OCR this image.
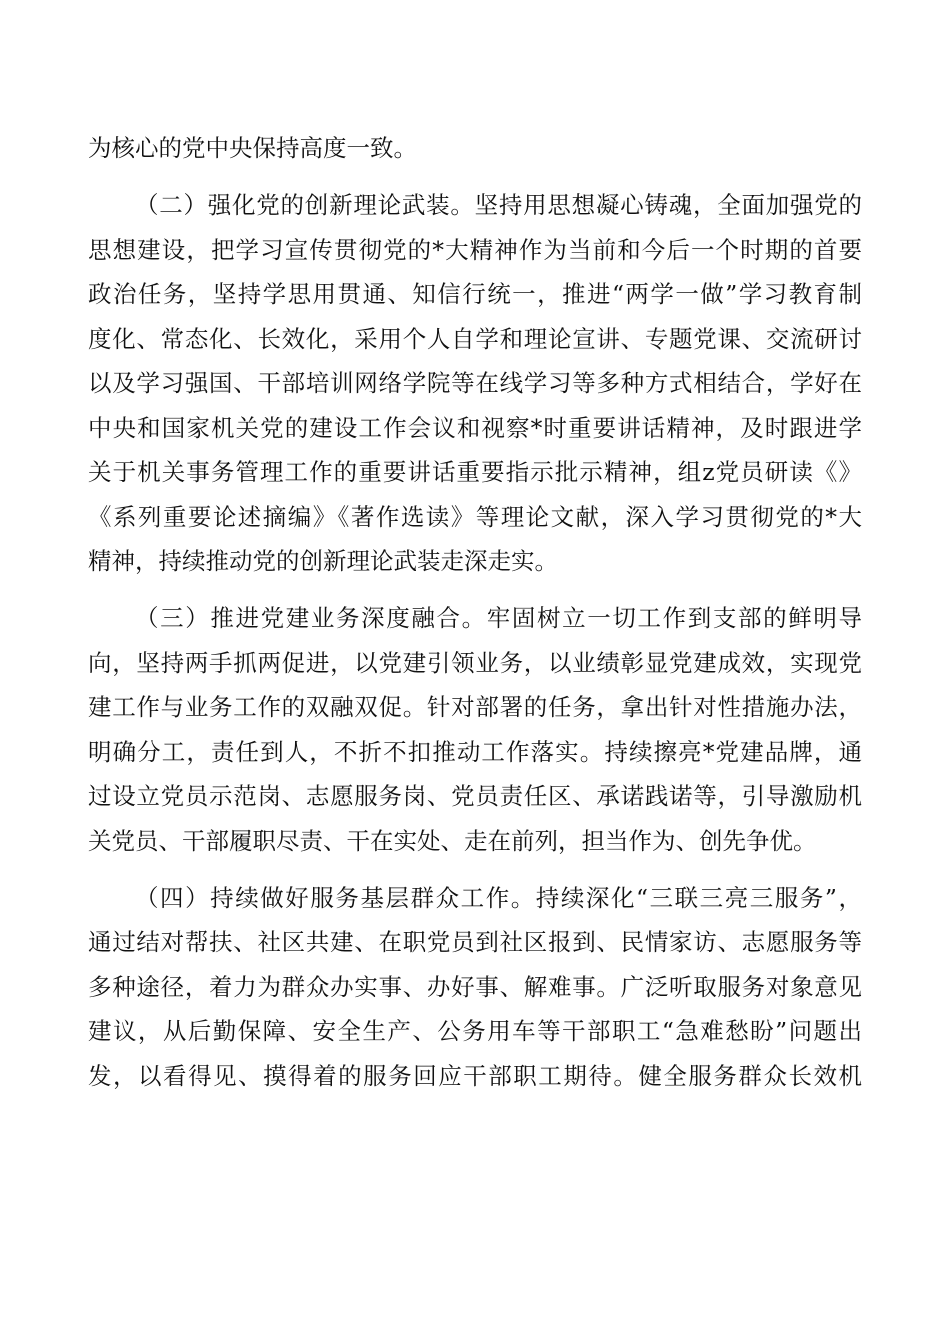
为核心的党中央保持高度一致。
（二）强化党的创新理论武装。坚持用思想凝心铸魂，全面加强党的
思想建设，把学习宣传贯彻党的*大精神作为当前和今后一个时期的首要
政治任务，坚持学思用贯通、知信行统一，推进“两学一做”学习教育制
度化、常态化、长效化，采用个人自学和理论宣讲、专题党课、交流研讨
以及学习强国、干部培训网络学院等在线学习等多种方式相结合，学好在
中央和国家机关党的建设工作会议和视察*时重要讲话精神，及时跟进学
关于机关事务管理工作的重要讲话重要指示批示精神，组z党员研读《》
《系列重要论述摘编》《著作选读》等理论文献，深入学习贯彻党的*大
精神，持续推动党的创新理论武装走深走实。
（三）推进党建业务深度融合。牢固树立一切工作到支部的鲜明导
向，坚持两手抓两促进，以党建引领业务，以业绩彰显党建成效，实现党
建工作与业务工作的双融双促。针对部署的任务，拿出针对性措施办法，
明确分工，责任到人，不折不扣推动工作落实。持续擦亮*党建品牌，通
过设立党员示范岗、志愿服务岗、党员责任区、承诺践诺等，引导激励机
关党员、干部履职尽责、干在实处、走在前列，担当作为、创先争优。
（四）持续做好服务基层群众工作。持续深化“三联三亮三服务”，
通过结对帮扶、社区共建、在职党员到社区报到、民情家访、志愿服务等
多种途径，着力为群众办实事、办好事、解难事。广泛听取服务对象意见
建议，从后勤保障、安全生产、公务用车等干部职工“急难愁盼”问题出
发，以看得见、摸得着的服务回应干部职工期待。健全服务群众长效机
